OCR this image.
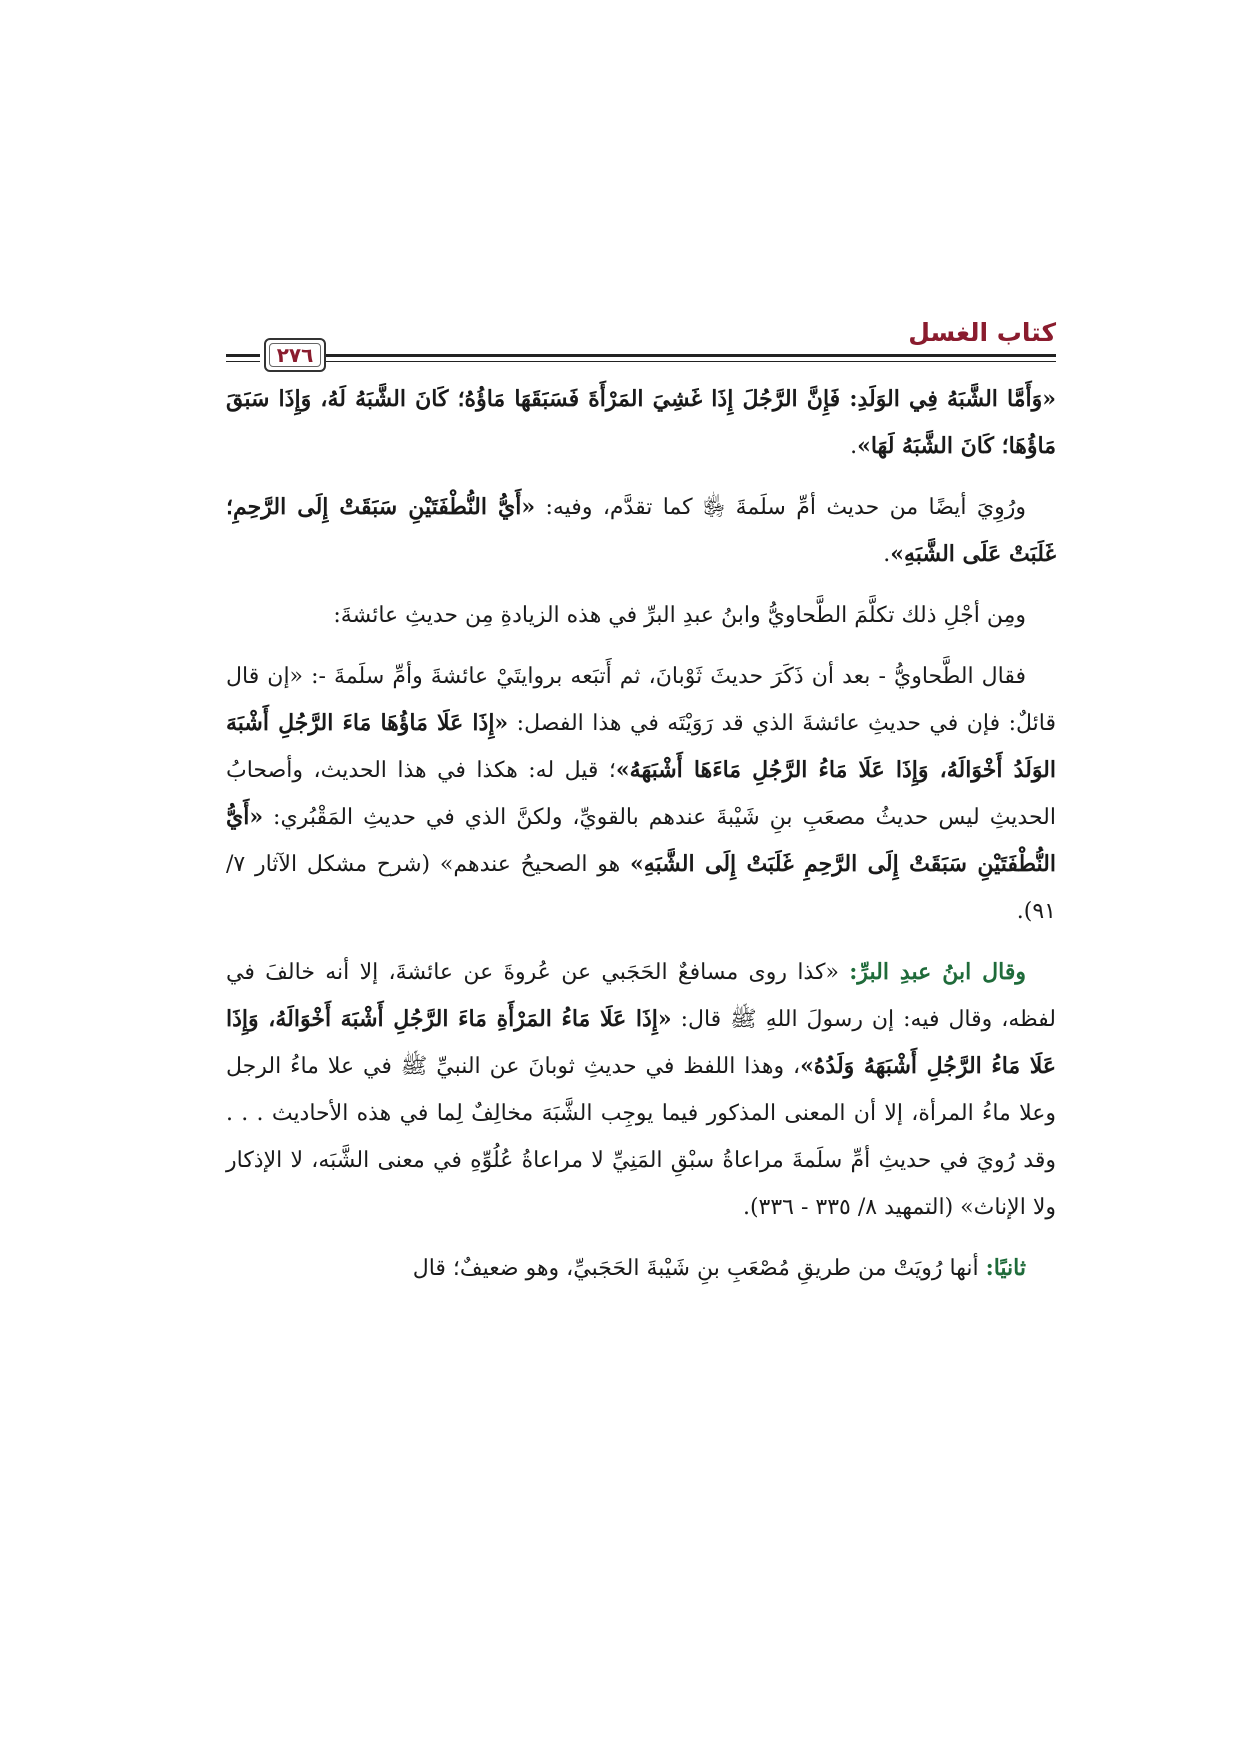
كتاب الغسل
٢٧٦

«وَأَمَّا الشَّبَهُ فِي الوَلَدِ: فَإِنَّ الرَّجُلَ إِذَا غَشِيَ المَرْأَةَ فَسَبَقَهَا مَاؤُهُ؛ كَانَ الشَّبَهُ لَهُ، وَإِذَا سَبَقَ مَاؤُهَا؛ كَانَ الشَّبَهُ لَهَا».

ورُوِيَ أيضًا من حديث أمِّ سلَمةَ ﵂ كما تقدَّم، وفيه: «أَيُّ النُّطْفَتَيْنِ سَبَقَتْ إِلَى الرَّحِمِ؛ غَلَبَتْ عَلَى الشَّبَهِ».

ومِن أجْلِ ذلك تكلَّمَ الطَّحاويُّ وابنُ عبدِ البرِّ في هذه الزيادةِ مِن حديثِ عائشةَ:

فقال الطَّحاويُّ - بعد أن ذَكَرَ حديثَ ثَوْبانَ، ثم أَتبَعه بروايتَيْ عائشةَ وأمِّ سلَمةَ -: «إن قال قائلٌ: فإن في حديثِ عائشةَ الذي قد رَوَيْتَه في هذا الفصل: «إِذَا عَلَا مَاؤُهَا مَاءَ الرَّجُلِ أَشْبَهَ الوَلَدُ أَخْوَالَهُ، وَإِذَا عَلَا مَاءُ الرَّجُلِ مَاءَهَا أَشْبَهَهُ»؛ قيل له: هكذا في هذا الحديث، وأصحابُ الحديثِ ليس حديثُ مصعَبِ بنِ شَيْبةَ عندهم بالقويِّ، ولكنَّ الذي في حديثِ المَقْبُري: «أَيُّ النُّطْفَتَيْنِ سَبَقَتْ إِلَى الرَّحِمِ غَلَبَتْ إِلَى الشَّبَهِ» هو الصحيحُ عندهم» (شرح مشكل الآثار ٧/ ٩١).

وقال ابنُ عبدِ البرِّ: «كذا روى مسافعٌ الحَجَبي عن عُروةَ عن عائشةَ، إلا أنه خالفَ في لفظه، وقال فيه: إن رسولَ اللهِ ﷺ قال: «إِذَا عَلَا مَاءُ المَرْأَةِ مَاءَ الرَّجُلِ أَشْبَهَ أَخْوَالَهُ، وَإِذَا عَلَا مَاءُ الرَّجُلِ أَشْبَهَهُ وَلَدُهُ»، وهذا اللفظ في حديثِ ثوبانَ عن النبيِّ ﷺ في علا ماءُ الرجل وعلا ماءُ المرأة، إلا أن المعنى المذكور فيما يوجِب الشَّبَهَ مخالِفٌ لِما في هذه الأحاديث . . . وقد رُويَ في حديثِ أمِّ سلَمةَ مراعاةُ سبْقِ المَنِيِّ لا مراعاةُ عُلُوِّهِ في معنى الشَّبَه، لا الإذكار ولا الإناث» (التمهيد ٨/ ٣٣٥ - ٣٣٦).

ثانيًا: أنها رُويَتْ من طريقِ مُصْعَبِ بنِ شَيْبةَ الحَجَبيِّ، وهو ضعيفٌ؛ قال
